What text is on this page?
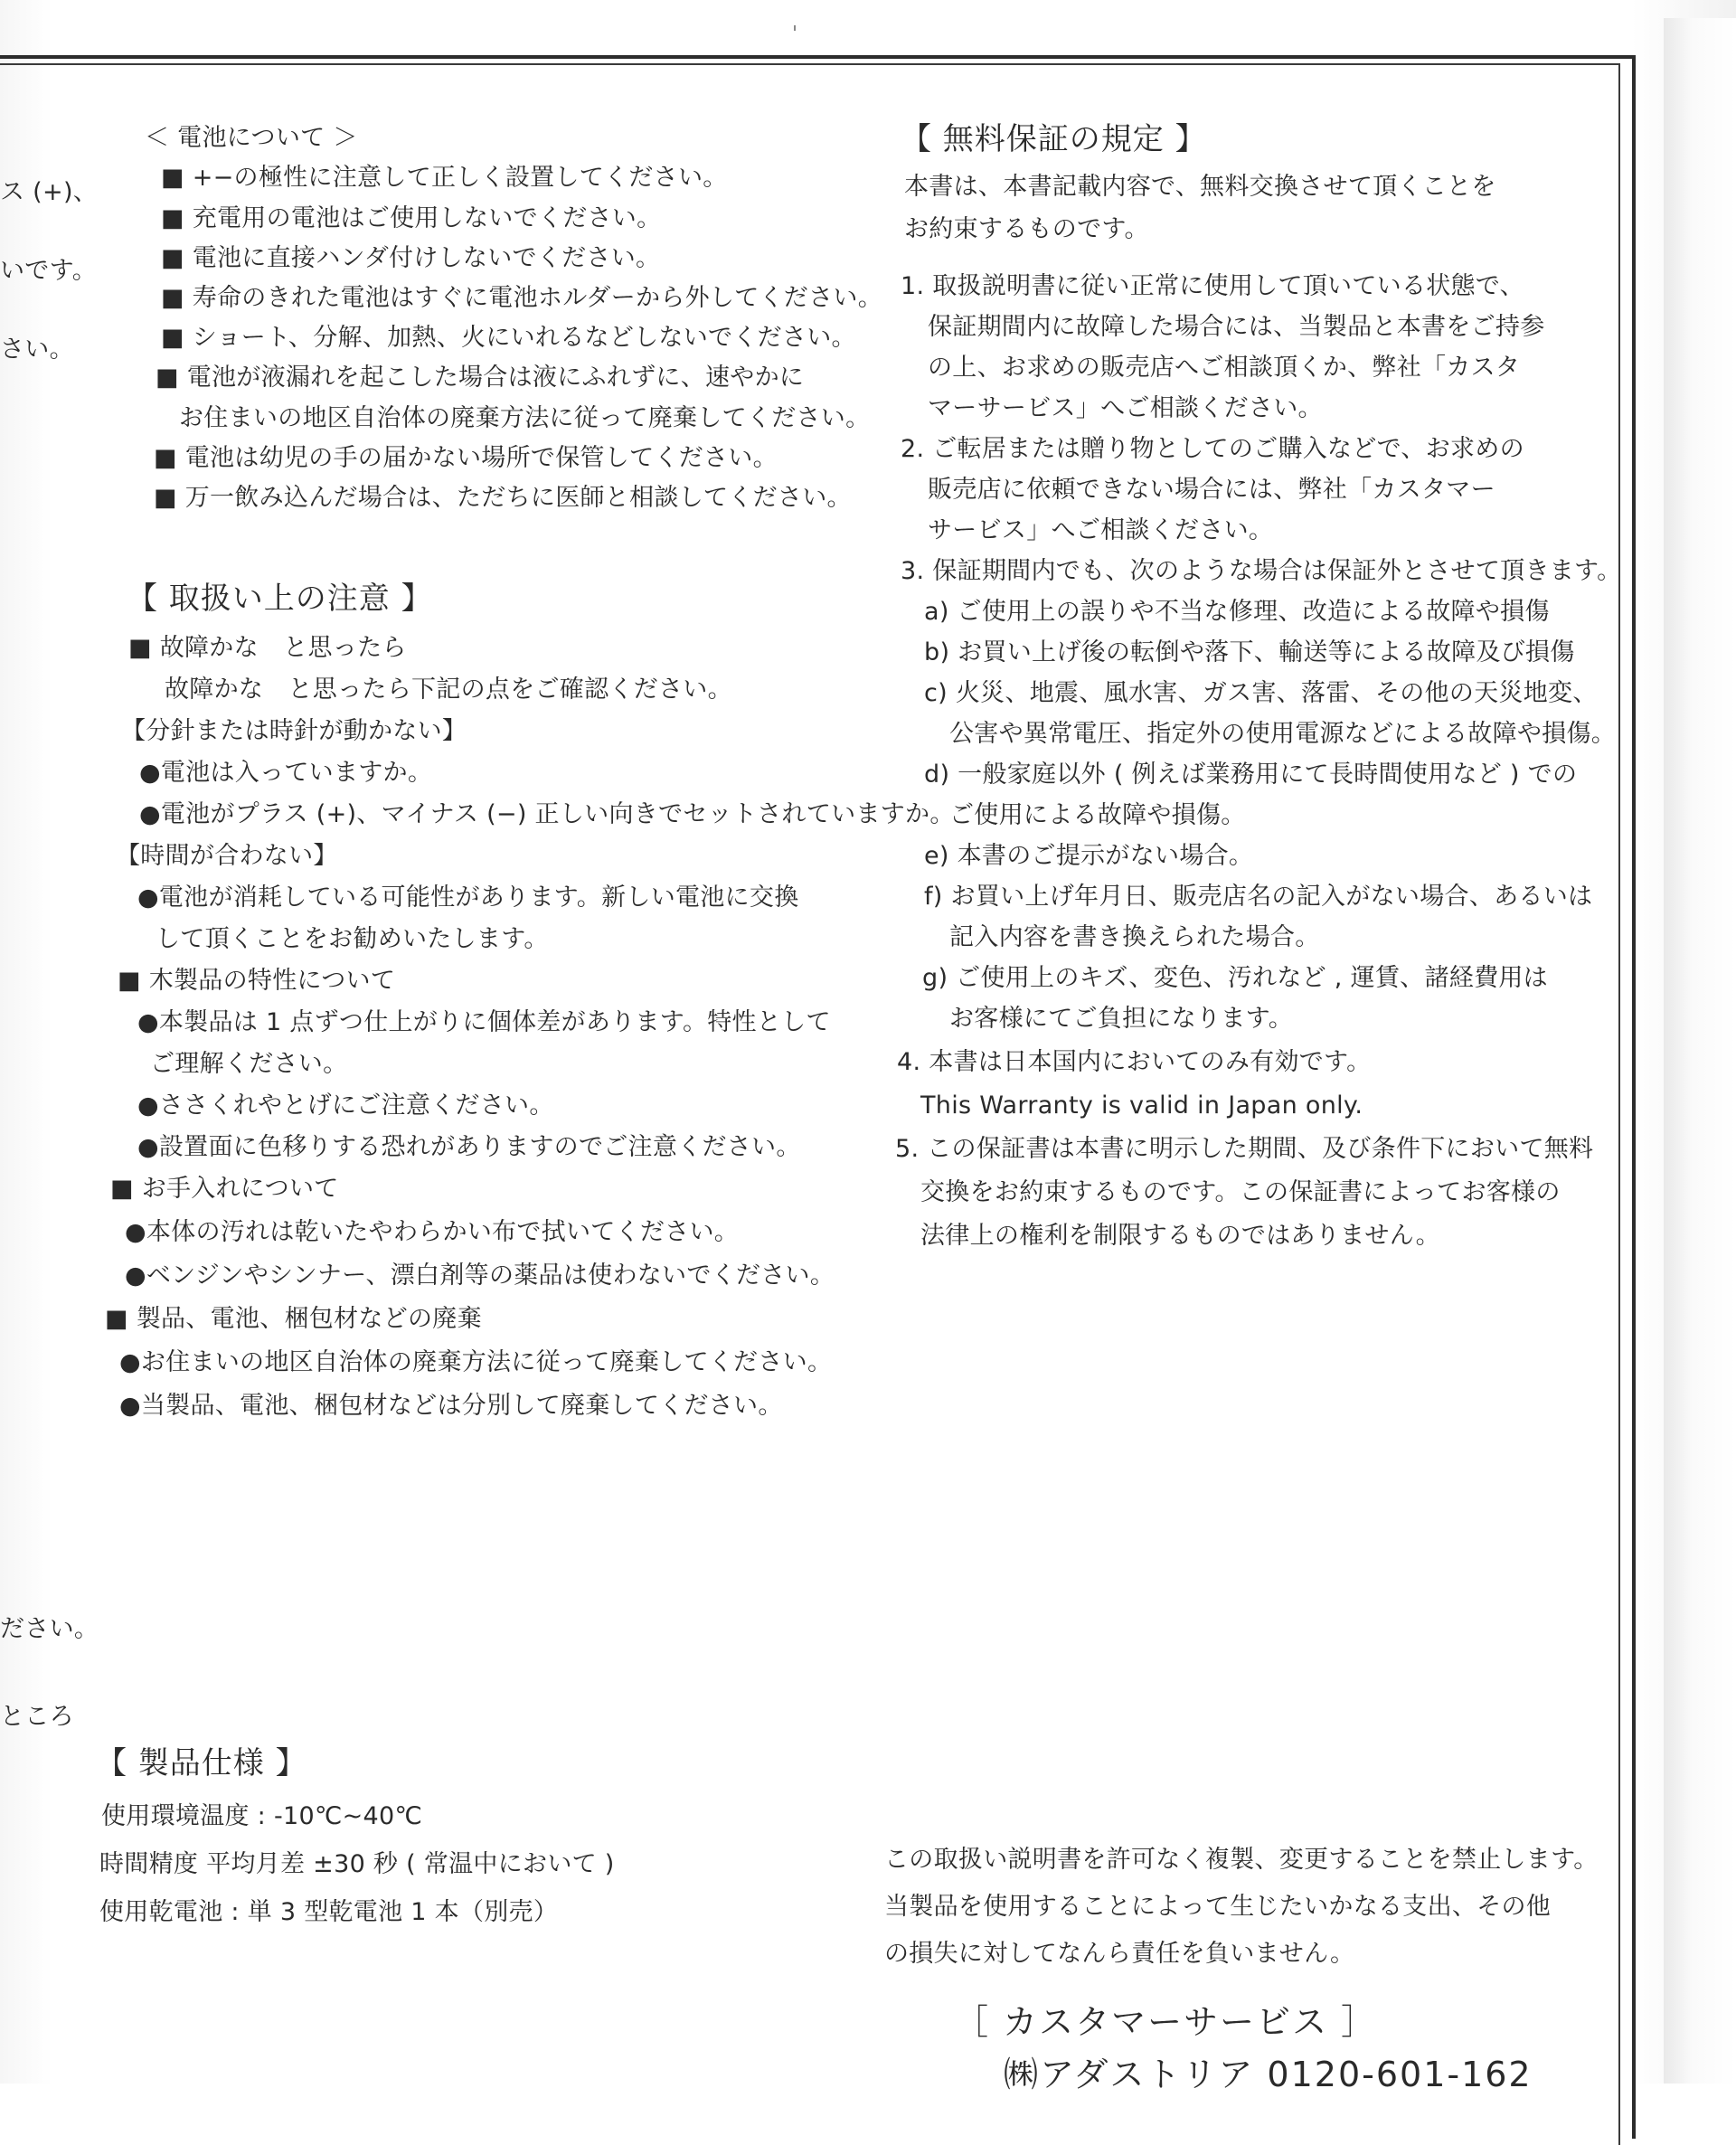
ス (+)、
いです。
さい。
ださい。
ところ
＜ 電池について ＞
■ +−の極性に注意して正しく設置してください。
■ 充電用の電池はご使用しないでください。
■ 電池に直接ハンダ付けしないでください。
■ 寿命のきれた電池はすぐに電池ホルダーから外してください。
■ ショート、分解、加熱、火にいれるなどしないでください。
■ 電池が液漏れを起こした場合は液にふれずに、速やかに
お住まいの地区自治体の廃棄方法に従って廃棄してください。
■ 電池は幼児の手の届かない場所で保管してください。
■ 万一飲み込んだ場合は、ただちに医師と相談してください。
【 取扱い上の注意 】
■ 故障かな　と思ったら
故障かな　と思ったら下記の点をご確認ください。
【分針または時針が動かない】
●電池は入っていますか。
●電池がプラス (+)、マイナス (−) 正しい向きでセットされていますか。
【時間が合わない】
●電池が消耗している可能性があります。新しい電池に交換
して頂くことをお勧めいたします。
■ 木製品の特性について
●本製品は 1 点ずつ仕上がりに個体差があります。特性として
ご理解ください。
●ささくれやとげにご注意ください。
●設置面に色移りする恐れがありますのでご注意ください。
■ お手入れについて
●本体の汚れは乾いたやわらかい布で拭いてください。
●ベンジンやシンナー、漂白剤等の薬品は使わないでください。
■ 製品、電池、梱包材などの廃棄
●お住まいの地区自治体の廃棄方法に従って廃棄してください。
●当製品、電池、梱包材などは分別して廃棄してください。
【 無料保証の規定 】
本書は、本書記載内容で、無料交換させて頂くことを
お約束するものです。
1. 取扱説明書に従い正常に使用して頂いている状態で、
保証期間内に故障した場合には、当製品と本書をご持参
の上、お求めの販売店へご相談頂くか、弊社「カスタ
マーサービス」へご相談ください。
2. ご転居または贈り物としてのご購入などで、お求めの
販売店に依頼できない場合には、弊社「カスタマー
サービス」へご相談ください。
3. 保証期間内でも、次のような場合は保証外とさせて頂きます。
a) ご使用上の誤りや不当な修理、改造による故障や損傷
b) お買い上げ後の転倒や落下、輸送等による故障及び損傷
c) 火災、地震、風水害、ガス害、落雷、その他の天災地変、
公害や異常電圧、指定外の使用電源などによる故障や損傷。
d) 一般家庭以外 ( 例えば業務用にて長時間使用など ) での
ご使用による故障や損傷。
e) 本書のご提示がない場合。
f) お買い上げ年月日、販売店名の記入がない場合、あるいは
記入内容を書き換えられた場合。
g) ご使用上のキズ、変色、汚れなど , 運賃、諸経費用は
お客様にてご負担になります。
4. 本書は日本国内においてのみ有効です。
This Warranty is valid in Japan only.
5. この保証書は本書に明示した期間、及び条件下において無料
交換をお約束するものです。この保証書によってお客様の
法律上の権利を制限するものではありません。
【 製品仕様 】
使用環境温度 : -10℃~40℃
時間精度 平均月差 ±30 秒 ( 常温中において )
使用乾電池 : 単 3 型乾電池 1 本（別売）
この取扱い説明書を許可なく複製、変更することを禁止します。
当製品を使用することによって生じたいかなる支出、その他
の損失に対してなんら責任を負いません。
［ カスタマーサービス ］
㈱アダストリア 0120-601-162
